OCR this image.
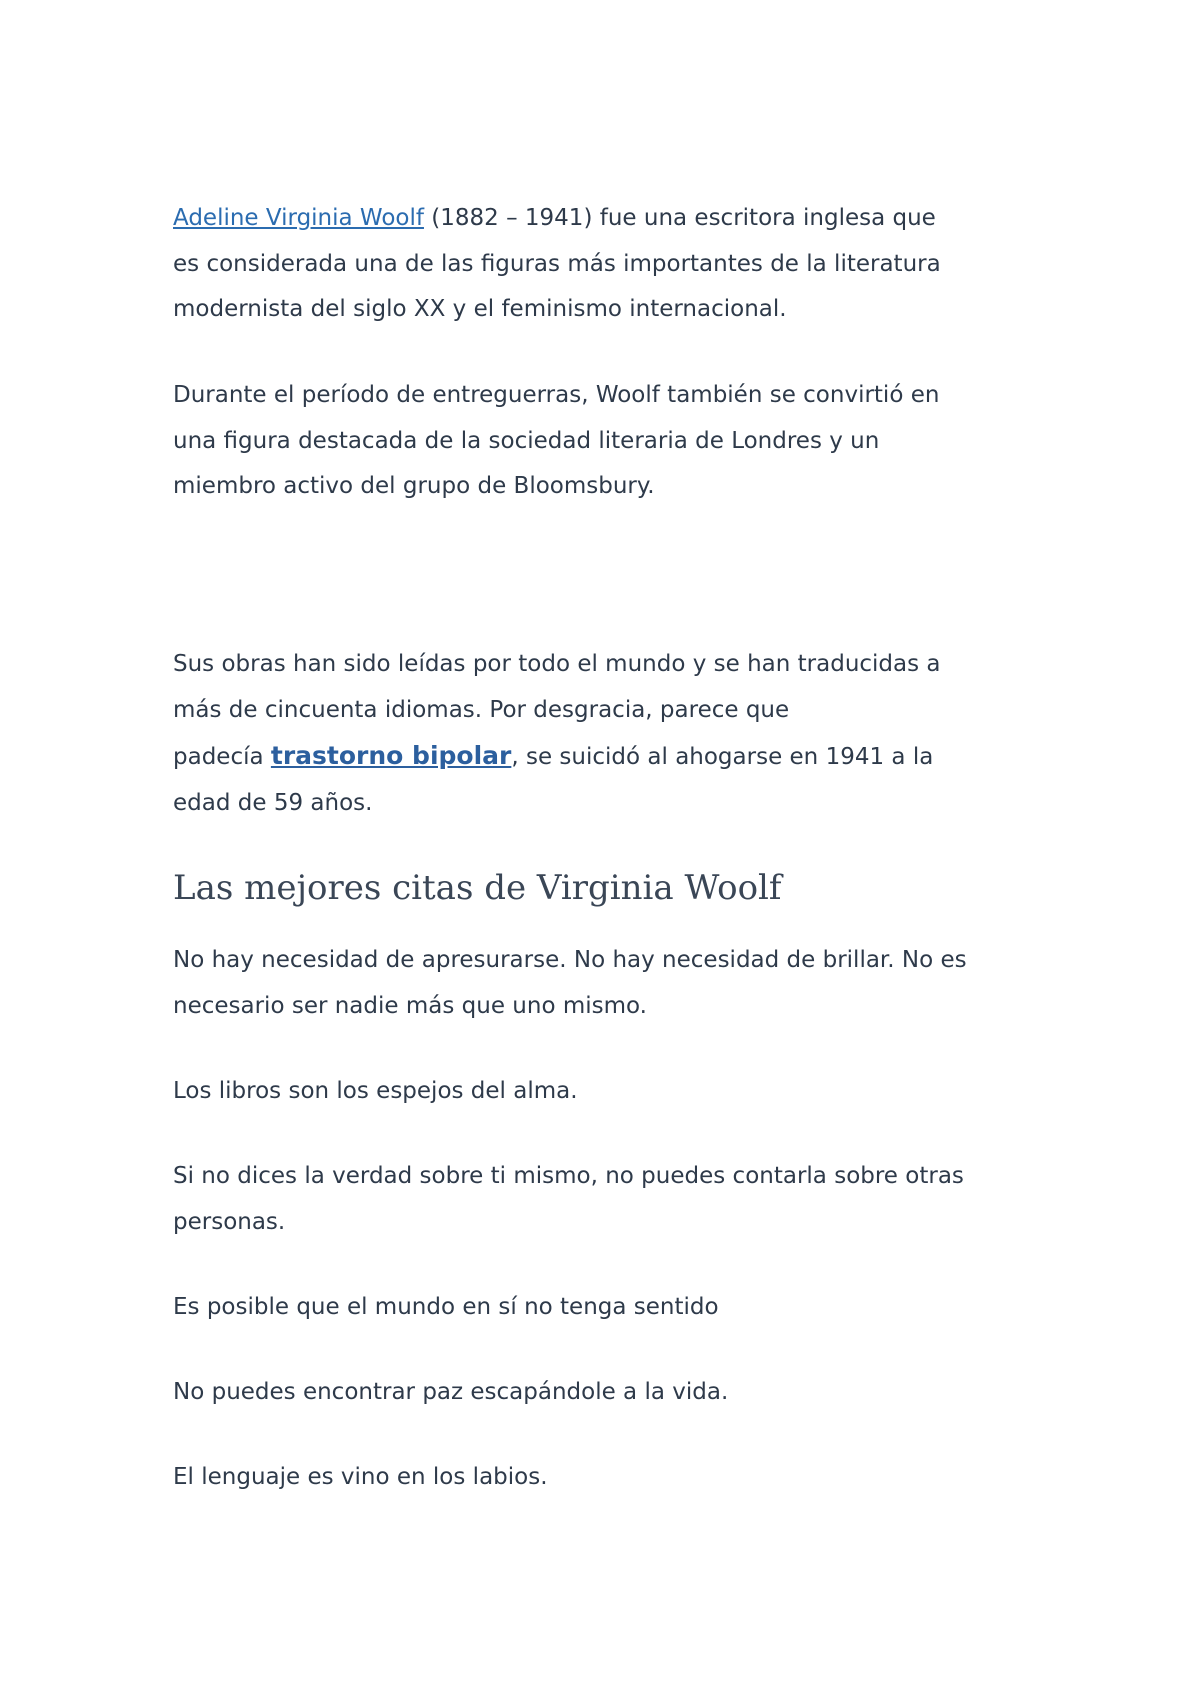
Adeline Virginia Woolf (1882 – 1941) fue una escritora inglesa que
es considerada una de las figuras más importantes de la literatura
modernista del siglo XX y el feminismo internacional.

Durante el período de entreguerras, Woolf también se convirtió en
una figura destacada de la sociedad literaria de Londres y un
miembro activo del grupo de Bloomsbury.

Sus obras han sido leídas por todo el mundo y se han traducidas a
más de cincuenta idiomas. Por desgracia, parece que
padecía trastorno bipolar, se suicidó al ahogarse en 1941 a la
edad de 59 años.

Las mejores citas de Virginia Woolf

No hay necesidad de apresurarse. No hay necesidad de brillar. No es
necesario ser nadie más que uno mismo.

Los libros son los espejos del alma.

Si no dices la verdad sobre ti mismo, no puedes contarla sobre otras
personas.

Es posible que el mundo en sí no tenga sentido

No puedes encontrar paz escapándole a la vida.

El lenguaje es vino en los labios.
